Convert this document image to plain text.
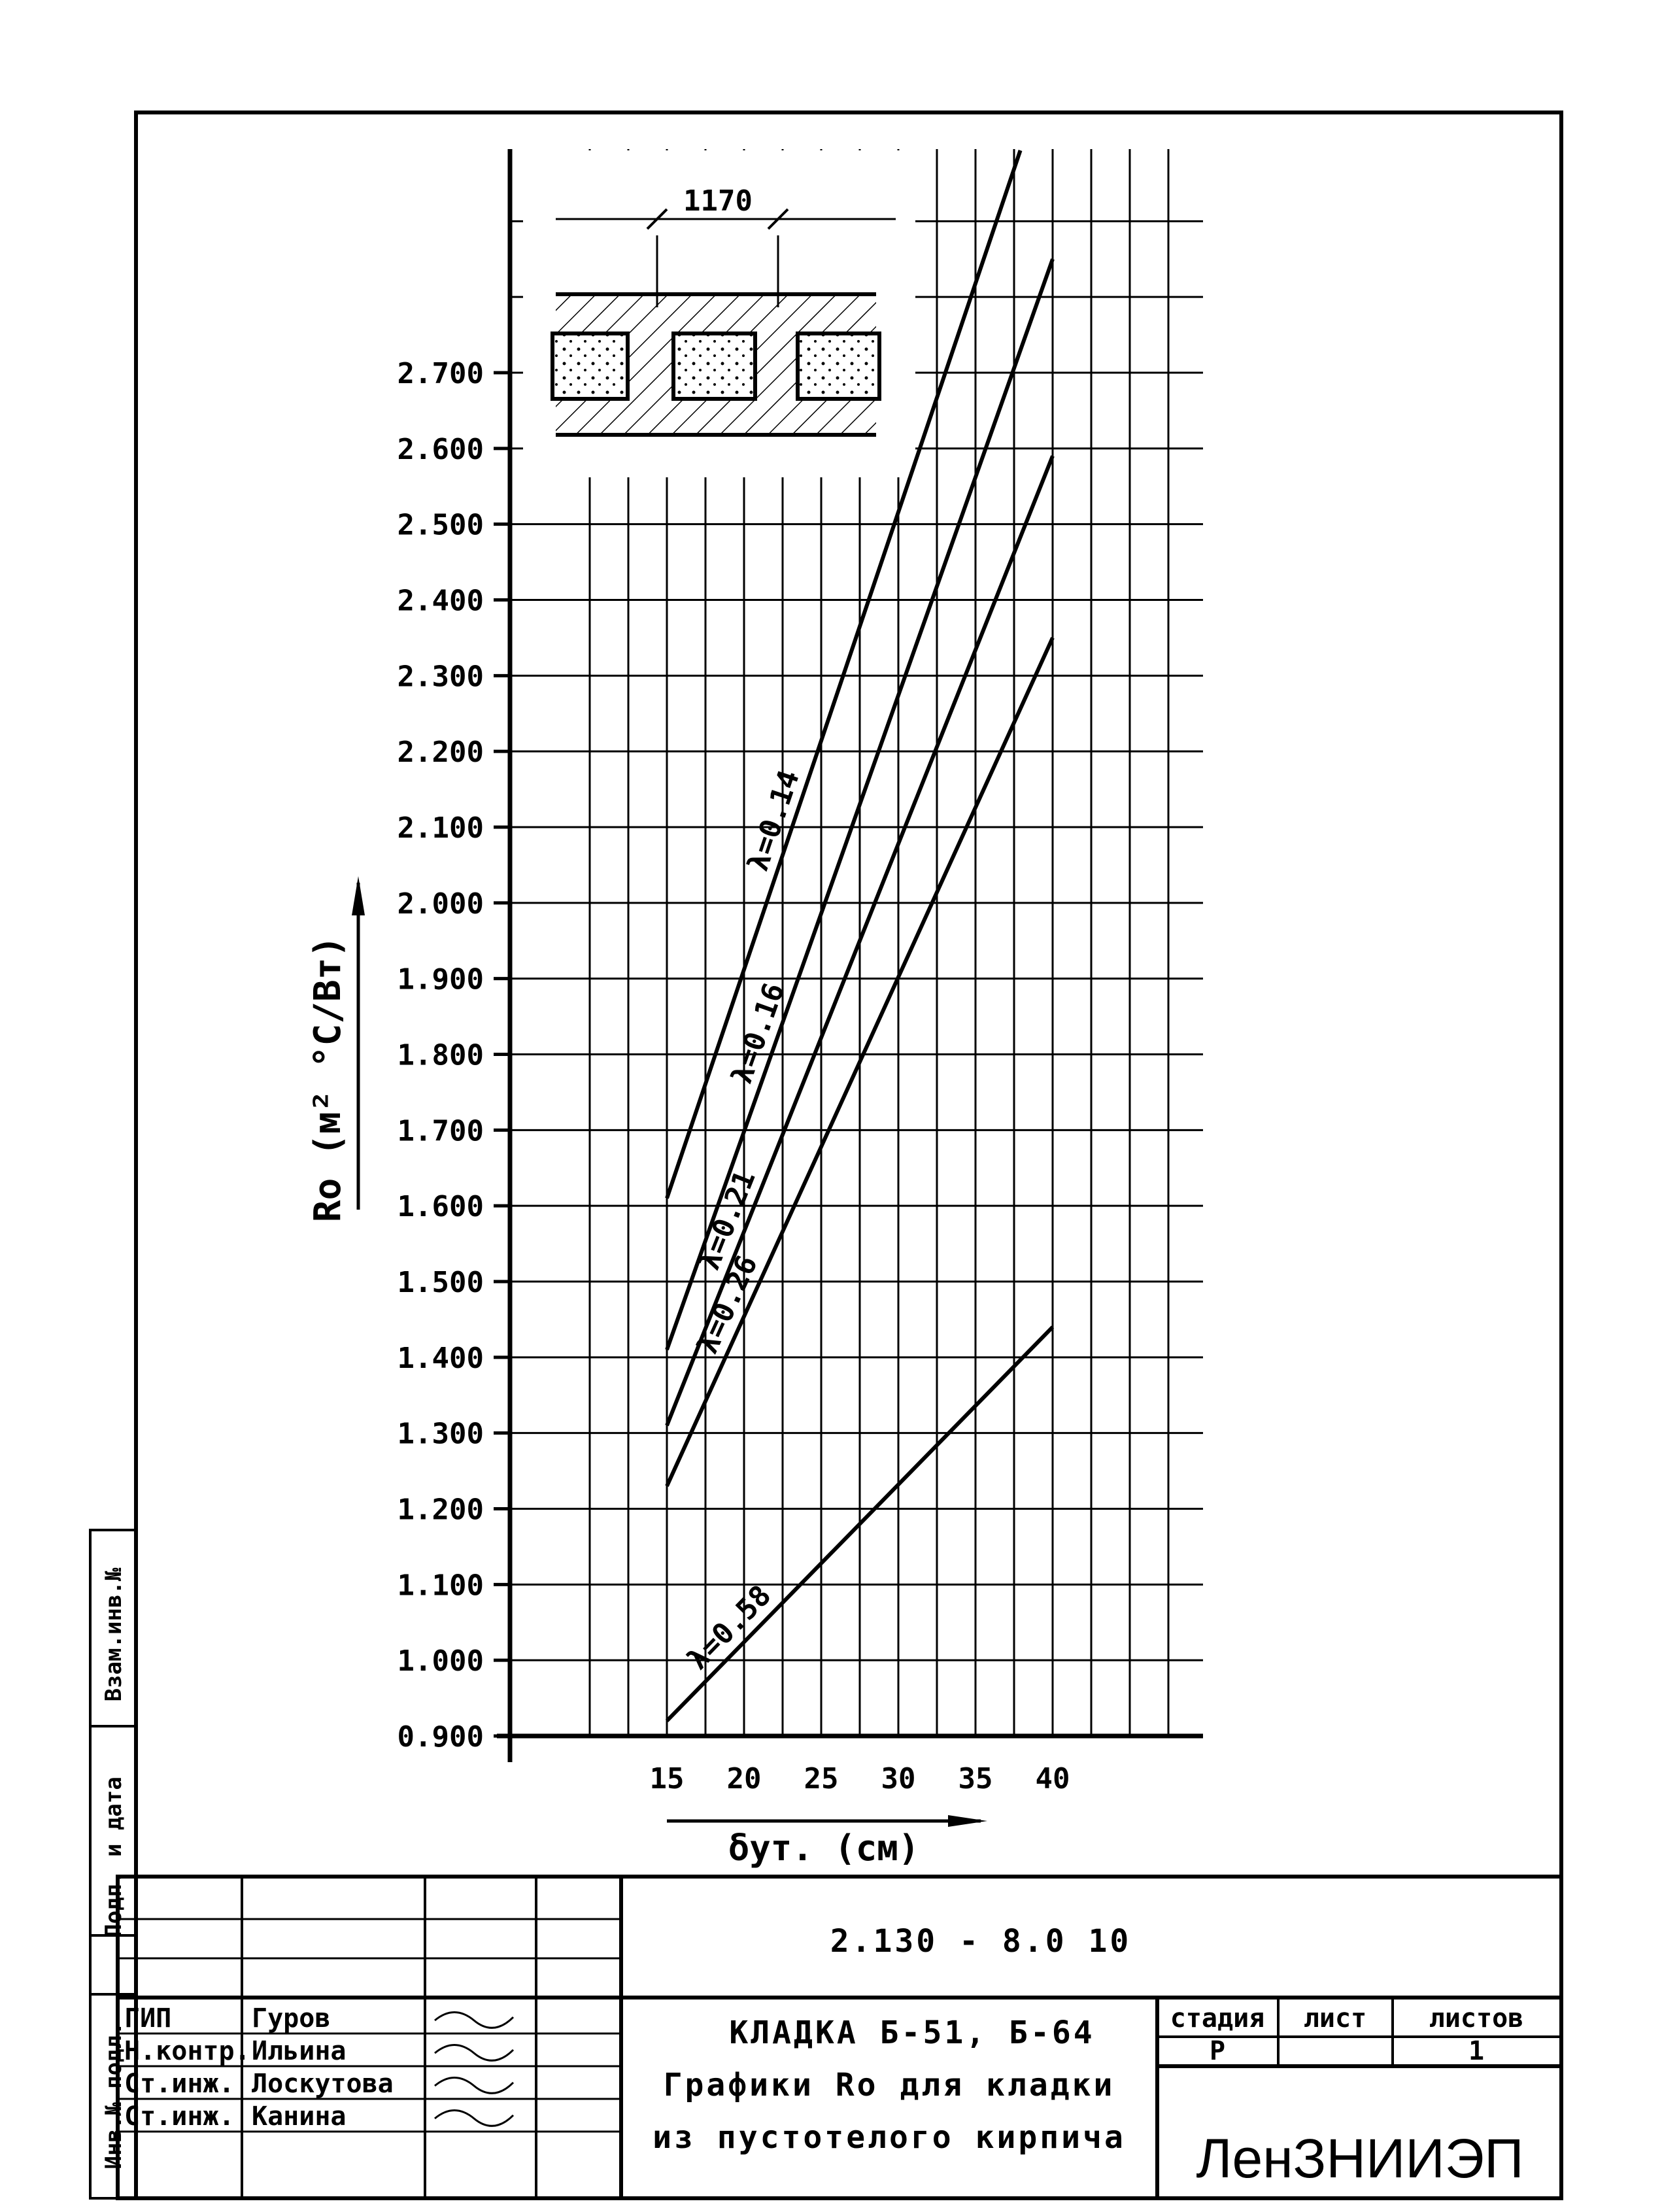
0.900
1.000
1.100
1.200
1.300
1.400
1.500
1.600
1.700
1.800
1.900
2.000
2.100
2.200
2.300
2.400
2.500
2.600
2.700
15 20 25 30 35 40
Ro (м² °С/Вт)
δут. (см)
1170
λ=0.14
λ=0.16
λ=0.21
λ=0.26
λ=0.58
Взам.инв.№
Подп. и дата
Инв.№ подл.
2.130 - 8.0 10
КЛАДКА Б-51, Б-64
Графики Ro для кладки
из пустотелого кирпича
стадия лист листов
Р	1
ЛенЗНИИЭП
ГИП	Гуров
Н.контр. Ильина
Ст.инж. Лоскутова
Ст.инж. Канина
